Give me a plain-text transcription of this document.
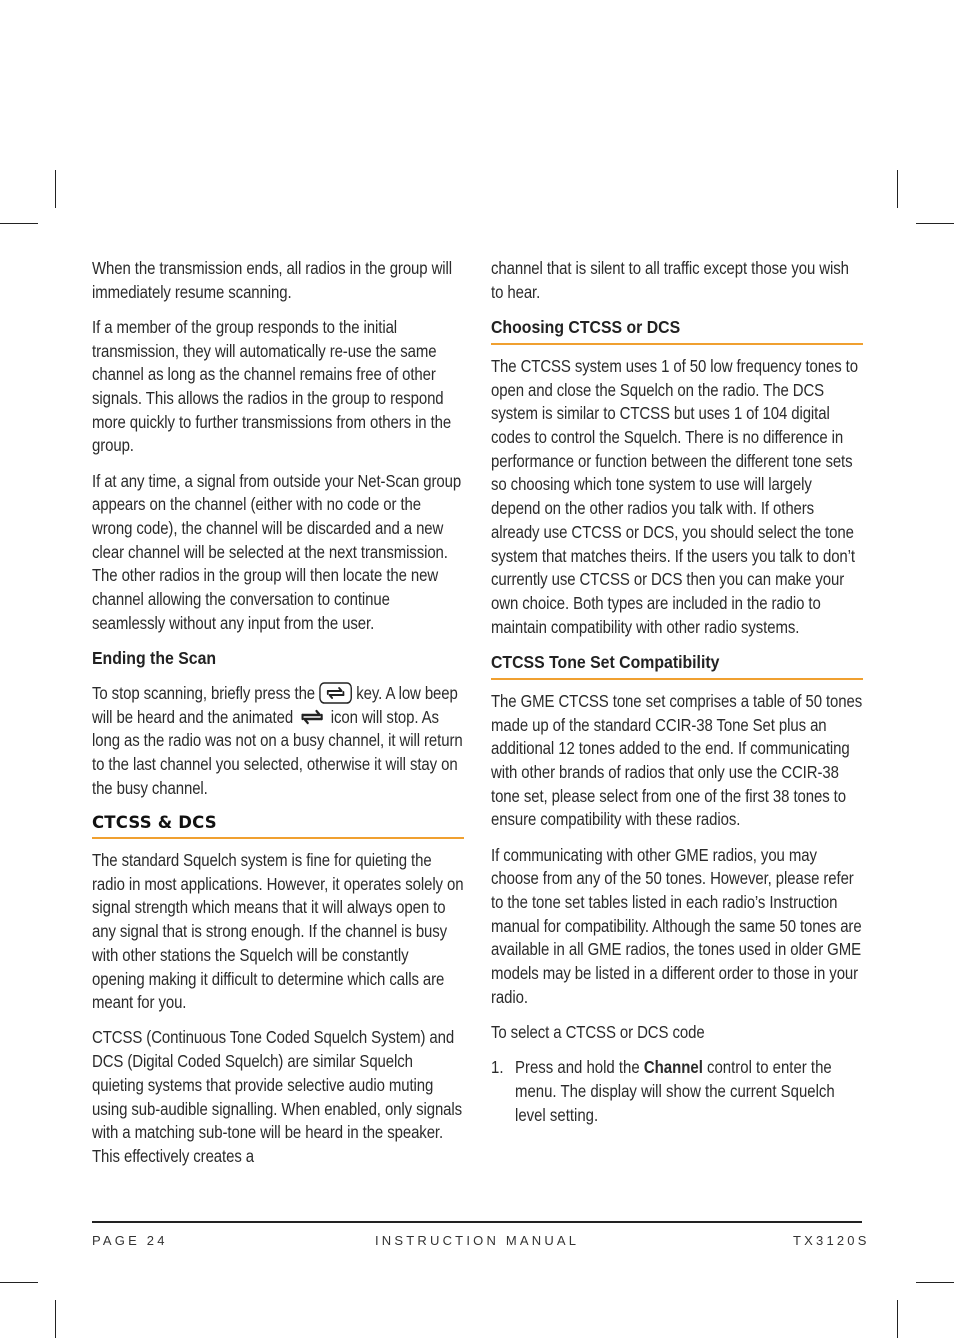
When the transmission ends, all radios in the group will immediately resume scanning.

If a member of the group responds to the initial transmission, they will automatically re-use the same channel as long as the channel remains free of other signals. This allows the radios in the group to respond more quickly to further transmissions from others in the group.

If at any time, a signal from outside your Net-Scan group appears on the channel (either with no code or the wrong code), the channel will be discarded and a new clear channel will be selected at the next transmission. The other radios in the group will then locate the new channel allowing the conversation to continue seamlessly without any input from the user.

Ending the Scan

To stop scanning, briefly press the key. A low beep will be heard and the animated icon will stop. As long as the radio was not on a busy channel, it will return to the last channel you selected, otherwise it will stay on the busy channel.

CTCSS & DCS

The standard Squelch system is fine for quieting the radio in most applications. However, it operates solely on signal strength which means that it will always open to any signal that is strong enough. If the channel is busy with other stations the Squelch will be constantly opening making it difficult to determine which calls are meant for you.

CTCSS (Continuous Tone Coded Squelch System) and DCS (Digital Coded Squelch) are similar Squelch quieting systems that provide selective audio muting using sub-audible signalling. When enabled, only signals with a matching sub-tone will be heard in the speaker. This effectively creates a

channel that is silent to all traffic except those you wish to hear.

Choosing CTCSS or DCS

The CTCSS system uses 1 of 50 low frequency tones to open and close the Squelch on the radio. The DCS system is similar to CTCSS but uses 1 of 104 digital codes to control the Squelch. There is no difference in performance or function between the different tone sets so choosing which tone system to use will largely depend on the other radios you talk with. If others already use CTCSS or DCS, you should select the tone system that matches theirs. If the users you talk to don’t currently use CTCSS or DCS then you can make your own choice. Both types are included in the radio to maintain compatibility with other radio systems.

CTCSS Tone Set Compatibility

The GME CTCSS tone set comprises a table of 50 tones made up of the standard CCIR-38 Tone Set plus an additional 12 tones added to the end. If communicating with other brands of radios that only use the CCIR-38 tone set, please select from one of the first 38 tones to ensure compatibility with these radios.

If communicating with other GME radios, you may choose from any of the 50 tones. However, please refer to the tone set tables listed in each radio’s Instruction manual for compatibility. Although the same 50 tones are available in all GME radios, the tones used in older GME models may be listed in a different order to those in your radio.

To select a CTCSS or DCS code

1. Press and hold the Channel control to enter the menu. The display will show the current Squelch level setting.
PAGE 24	INSTRUCTION MANUAL	TX3120S
